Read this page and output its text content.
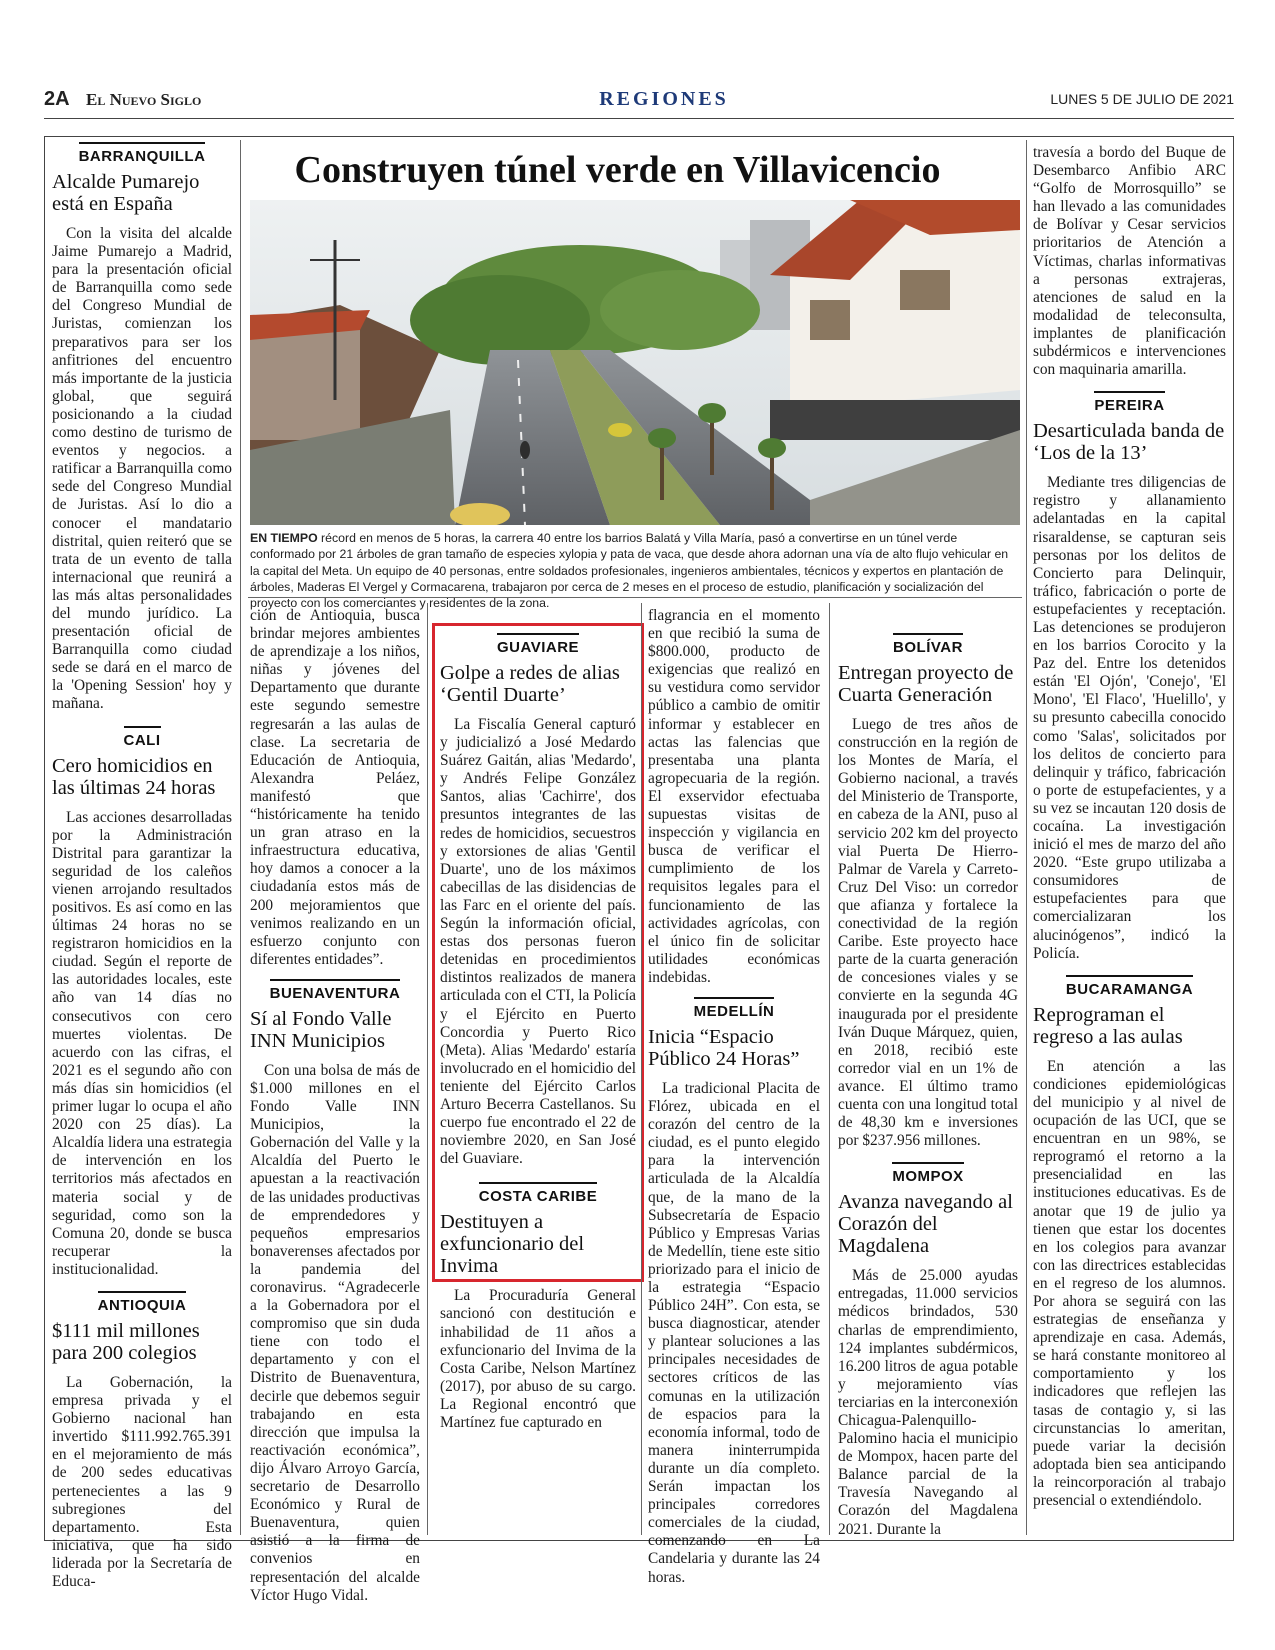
2A El Nuevo Siglo	REGIONES	LUNES 5 DE JULIO DE 2021
BARRANQUILLA
Alcalde Pumarejo está en España

Con la visita del alcalde Jaime Pumarejo a Madrid, para la presentación oficial de Barranquilla como sede del Congreso Mundial de Juristas, comienzan los preparativos para ser los anfitriones del encuentro más importante de la justicia global, que seguirá posicionando a la ciudad como destino de turismo de eventos y negocios. a ratificar a Barranquilla como sede del Congreso Mundial de Juristas. Así lo dio a conocer el mandatario distrital, quien reiteró que se trata de un evento de talla internacional que reunirá a las más altas personalidades del mundo jurídico. La presentación oficial de Barranquilla como ciudad sede se dará en el marco de la 'Opening Session' hoy y mañana.

CALI
Cero homicidios en las últimas 24 horas

Las acciones desarrolladas por la Administración Distrital para garantizar la seguridad de los caleños vienen arrojando resultados positivos. Es así como en las últimas 24 horas no se registraron homicidios en la ciudad. Según el reporte de las autoridades locales, este año van 14 días no consecutivos con cero muertes violentas. De acuerdo con las cifras, el 2021 es el segundo año con más días sin homicidios (el primer lugar lo ocupa el año 2020 con 25 días). La Alcaldía lidera una estrategia de intervención en los territorios más afectados en materia social y de seguridad, como son la Comuna 20, donde se busca recuperar la institucionalidad.

ANTIOQUIA
$111 mil millones para 200 colegios

La Gobernación, la empresa privada y el Gobierno nacional han invertido $111.992.765.391 en el mejoramiento de más de 200 sedes educativas pertenecientes a las 9 subregiones del departamento. Esta iniciativa, que ha sido liderada por la Secretaría de Educa-

Construyen túnel verde en Villavicencio
EN TIEMPO récord en menos de 5 horas, la carrera 40 entre los barrios Balatá y Villa María, pasó a convertirse en un túnel verde conformado por 21 árboles de gran tamaño de especies xylopia y pata de vaca, que desde ahora adornan una vía de alto flujo vehicular en la capital del Meta. Un equipo de 40 personas, entre soldados profesionales, ingenieros ambientales, técnicos y expertos en plantación de árboles, Maderas El Vergel y Cormacarena, trabajaron por cerca de 2 meses en el proceso de estudio, planificación y socialización del proyecto con los comerciantes y residentes de la zona.

ción de Antioquia, busca brindar mejores ambientes de aprendizaje a los niños, niñas y jóvenes del Departamento que durante este segundo semestre regresarán a las aulas de clase. La secretaria de Educación de Antioquia, Alexandra Peláez, manifestó que “históricamente ha tenido un gran atraso en la infraestructura educativa, hoy damos a conocer a la ciudadanía estos más de 200 mejoramientos que venimos realizando en un esfuerzo conjunto con diferentes entidades”.

BUENAVENTURA
Sí al Fondo Valle INN Municipios

Con una bolsa de más de $1.000 millones en el Fondo Valle INN Municipios, la Gobernación del Valle y la Alcaldía del Puerto le apuestan a la reactivación de las unidades productivas de emprendedores y pequeños empresarios bonaverenses afectados por la pandemia del coronavirus. “Agradecerle a la Gobernadora por el compromiso que sin duda tiene con todo el departamento y con el Distrito de Buenaventura, decirle que debemos seguir trabajando en esta dirección que impulsa la reactivación económica”, dijo Álvaro Arroyo García, secretario de Desarrollo Económico y Rural de Buenaventura, quien asistió a la firma de convenios en representación del alcalde Víctor Hugo Vidal.

GUAVIARE
Golpe a redes de alias ‘Gentil Duarte’

La Fiscalía General capturó y judicializó a José Medardo Suárez Gaitán, alias 'Medardo', y Andrés Felipe González Santos, alias 'Cachirre', dos presuntos integrantes de las redes de homicidios, secuestros y extorsiones de alias 'Gentil Duarte', uno de los máximos cabecillas de las disidencias de las Farc en el oriente del país. Según la información oficial, estas dos personas fueron detenidas en procedimientos distintos realizados de manera articulada con el CTI, la Policía y el Ejército en Puerto Concordia y Puerto Rico (Meta). Alias 'Medardo' estaría involucrado en el homicidio del teniente del Ejército Carlos Arturo Becerra Castellanos. Su cuerpo fue encontrado el 22 de noviembre 2020, en San José del Guaviare.

COSTA CARIBE
Destituyen a exfuncionario del Invima

La Procuraduría General sancionó con destitución e inhabilidad de 11 años a exfuncionario del Invima de la Costa Caribe, Nelson Martínez (2017), por abuso de su cargo. La Regional encontró que Martínez fue capturado en

flagrancia en el momento en que recibió la suma de $800.000, producto de exigencias que realizó en su vestidura como servidor público a cambio de omitir informar y establecer en actas las falencias que presentaba una planta agropecuaria de la región. El exservidor efectuaba supuestas visitas de inspección y vigilancia en busca de verificar el cumplimiento de los requisitos legales para el funcionamiento de las actividades agrícolas, con el único fin de solicitar utilidades económicas indebidas.

MEDELLÍN
Inicia “Espacio Público 24 Horas”

La tradicional Placita de Flórez, ubicada en el corazón del centro de la ciudad, es el punto elegido para la intervención articulada de la Alcaldía que, de la mano de la Subsecretaría de Espacio Público y Empresas Varias de Medellín, tiene este sitio priorizado para el inicio de la estrategia “Espacio Público 24H”. Con esta, se busca diagnosticar, atender y plantear soluciones a las principales necesidades de sectores críticos de las comunas en la utilización de espacios para la economía informal, todo de manera ininterrumpida durante un día completo. Serán impactan los principales corredores comerciales de la ciudad, comenzando en La Candelaria y durante las 24 horas.

BOLÍVAR
Entregan proyecto de Cuarta Generación

Luego de tres años de construcción en la región de los Montes de María, el Gobierno nacional, a través del Ministerio de Transporte, en cabeza de la ANI, puso al servicio 202 km del proyecto vial Puerta De Hierro-Palmar de Varela y Carreto-Cruz Del Viso: un corredor que afianza y fortalece la conectividad de la región Caribe. Este proyecto hace parte de la cuarta generación de concesiones viales y se convierte en la segunda 4G inaugurada por el presidente Iván Duque Márquez, quien, en 2018, recibió este corredor vial en un 1% de avance. El último tramo cuenta con una longitud total de 48,30 km e inversiones por $237.956 millones.

MOMPOX
Avanza navegando al Corazón del Magdalena

Más de 25.000 ayudas entregadas, 11.000 servicios médicos brindados, 530 charlas de emprendimiento, 124 implantes subdérmicos, 16.200 litros de agua potable y mejoramiento vías terciarias en la interconexión Chicagua-Palenquillo-Palomino hacia el municipio de Mompox, hacen parte del Balance parcial de la Travesía Navegando al Corazón del Magdalena 2021. Durante la

travesía a bordo del Buque de Desembarco Anfibio ARC “Golfo de Morrosquillo” se han llevado a las comunidades de Bolívar y Cesar servicios prioritarios de Atención a Víctimas, charlas informativas a personas extrajeras, atenciones de salud en la modalidad de teleconsulta, implantes de planificación subdérmicos e intervenciones con maquinaria amarilla.

PEREIRA
Desarticulada banda de ‘Los de la 13’

Mediante tres diligencias de registro y allanamiento adelantadas en la capital risaraldense, se capturan seis personas por los delitos de Concierto para Delinquir, tráfico, fabricación o porte de estupefacientes y receptación. Las detenciones se produjeron en los barrios Corocito y la Paz del. Entre los detenidos están 'El Ojón', 'Conejo', 'El Mono', 'El Flaco', 'Huelillo', y su presunto cabecilla conocido como 'Salas', solicitados por los delitos de concierto para delinquir y tráfico, fabricación o porte de estupefacientes, y a su vez se incautan 120 dosis de cocaína. La investigación inició el mes de marzo del año 2020. “Este grupo utilizaba a consumidores de estupefacientes para que comercializaran los alucinógenos”, indicó la Policía.

BUCARAMANGA
Reprograman el regreso a las aulas

En atención a las condiciones epidemiológicas del municipio y al nivel de ocupación de las UCI, que se encuentran en un 98%, se reprogramó el retorno a la presencialidad en las instituciones educativas. Es de anotar que 19 de julio ya tienen que estar los docentes en los colegios para avanzar con las directrices establecidas en el regreso de los alumnos. Por ahora se seguirá con las estrategias de enseñanza y aprendizaje en casa. Además, se hará constante monitoreo al comportamiento y los indicadores que reflejen las tasas de contagio y, si las circunstancias lo ameritan, puede variar la decisión adoptada bien sea anticipando la reincorporación al trabajo presencial o extendiéndolo.
